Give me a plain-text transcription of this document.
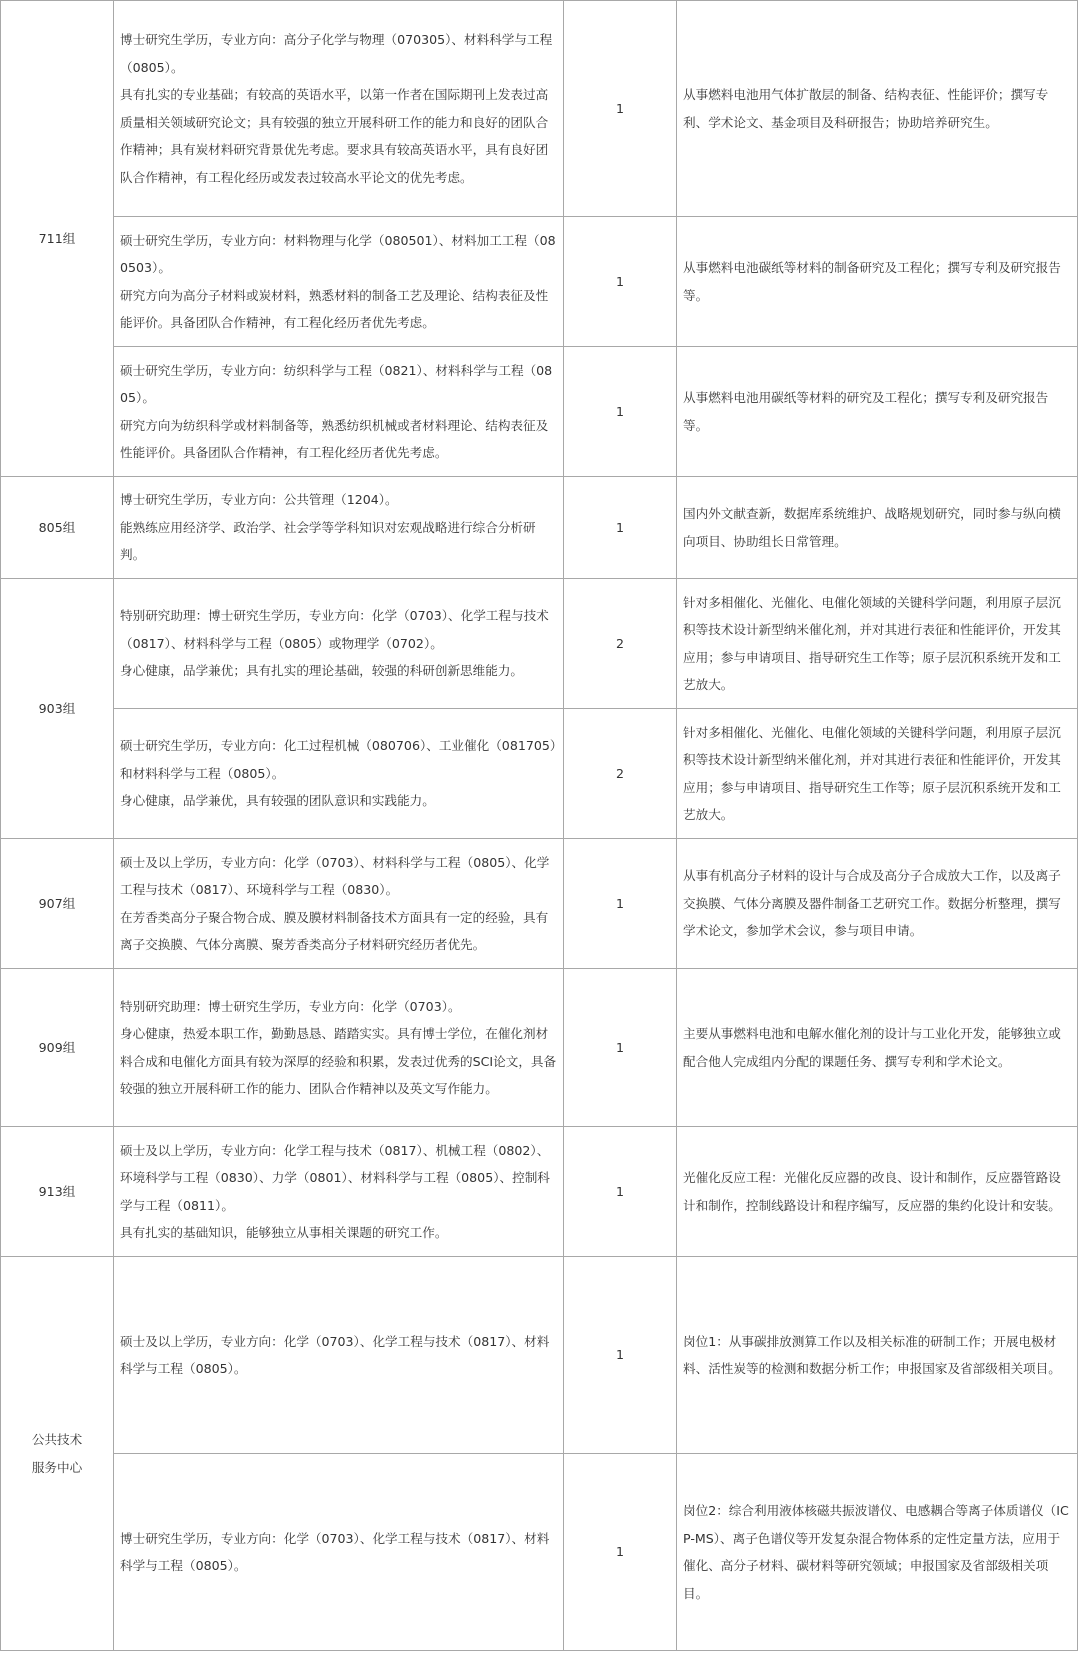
711组	博士研究生学历，专业方向：高分子化学与物理（070305）、材料科学与工程（0805）。
具有扎实的专业基础；有较高的英语水平，以第一作者在国际期刊上发表过高质量相关领域研究论文；具有较强的独立开展科研工作的能力和良好的团队合作精神；具有炭材料研究背景优先考虑。要求具有较高英语水平，具有良好团队合作精神，有工程化经历或发表过较高水平论文的优先考虑。	1	从事燃料电池用气体扩散层的制备、结构表征、性能评价；撰写专利、学术论文、基金项目及科研报告；协助培养研究生。

	硕士研究生学历，专业方向：材料物理与化学（080501）、材料加工工程（080503）。
研究方向为高分子材料或炭材料，熟悉材料的制备工艺及理论、结构表征及性能评价。具备团队合作精神，有工程化经历者优先考虑。	1	从事燃料电池碳纸等材料的制备研究及工程化；撰写专利及研究报告等。

	硕士研究生学历，专业方向：纺织科学与工程（0821）、材料科学与工程（0805）。
研究方向为纺织科学或材料制备等，熟悉纺织机械或者材料理论、结构表征及性能评价。具备团队合作精神，有工程化经历者优先考虑。	1	从事燃料电池用碳纸等材料的研究及工程化；撰写专利及研究报告等。
805组	博士研究生学历，专业方向：公共管理（1204）。
能熟练应用经济学、政治学、社会学等学科知识对宏观战略进行综合分析研判。	1	国内外文献查新，数据库系统维护、战略规划研究，同时参与纵向横向项目、协助组长日常管理。
903组	特别研究助理：博士研究生学历，专业方向：化学（0703）、化学工程与技术（0817）、材料科学与工程（0805）或物理学（0702）。
身心健康，品学兼优；具有扎实的理论基础，较强的科研创新思维能力。	2	针对多相催化、光催化、电催化领域的关键科学问题，利用原子层沉积等技术设计新型纳米催化剂，并对其进行表征和性能评价，开发其应用；参与申请项目、指导研究生工作等；原子层沉积系统开发和工艺放大。

	硕士研究生学历，专业方向：化工过程机械（080706）、工业催化（081705）和材料科学与工程（0805）。
身心健康，品学兼优，具有较强的团队意识和实践能力。	2	针对多相催化、光催化、电催化领域的关键科学问题，利用原子层沉积等技术设计新型纳米催化剂，并对其进行表征和性能评价，开发其应用；参与申请项目、指导研究生工作等；原子层沉积系统开发和工艺放大。
907组	硕士及以上学历，专业方向：化学（0703）、材料科学与工程（0805）、化学工程与技术（0817）、环境科学与工程（0830）。
在芳香类高分子聚合物合成、膜及膜材料制备技术方面具有一定的经验，具有离子交换膜、气体分离膜、聚芳香类高分子材料研究经历者优先。	1	从事有机高分子材料的设计与合成及高分子合成放大工作，以及离子交换膜、气体分离膜及器件制备工艺研究工作。数据分析整理，撰写学术论文，参加学术会议，参与项目申请。
909组	特别研究助理：博士研究生学历，专业方向：化学（0703）。
身心健康，热爱本职工作，勤勤恳恳、踏踏实实。具有博士学位，在催化剂材料合成和电催化方面具有较为深厚的经验和积累，发表过优秀的SCI论文，具备较强的独立开展科研工作的能力、团队合作精神以及英文写作能力。	1	主要从事燃料电池和电解水催化剂的设计与工业化开发，能够独立或配合他人完成组内分配的课题任务、撰写专利和学术论文。
913组	硕士及以上学历，专业方向：化学工程与技术（0817）、机械工程（0802）、环境科学与工程（0830）、力学（0801）、材料科学与工程（0805）、控制科学与工程（0811）。
具有扎实的基础知识，能够独立从事相关课题的研究工作。	1	光催化反应工程：光催化反应器的改良、设计和制作，反应器管路设计和制作，控制线路设计和程序编写，反应器的集约化设计和安装。

公共技术
服务中心	硕士及以上学历，专业方向：化学（0703）、化学工程与技术（0817）、材料科学与工程（0805）。	1	岗位1：从事碳排放测算工作以及相关标准的研制工作；开展电极材料、活性炭等的检测和数据分析工作；申报国家及省部级相关项目。

	博士研究生学历，专业方向：化学（0703）、化学工程与技术（0817）、材料科学与工程（0805）。	1	岗位2：综合利用液体核磁共振波谱仪、电感耦合等离子体质谱仪（ICP-MS）、离子色谱仪等开发复杂混合物体系的定性定量方法，应用于催化、高分子材料、碳材料等研究领域；申报国家及省部级相关项目。
